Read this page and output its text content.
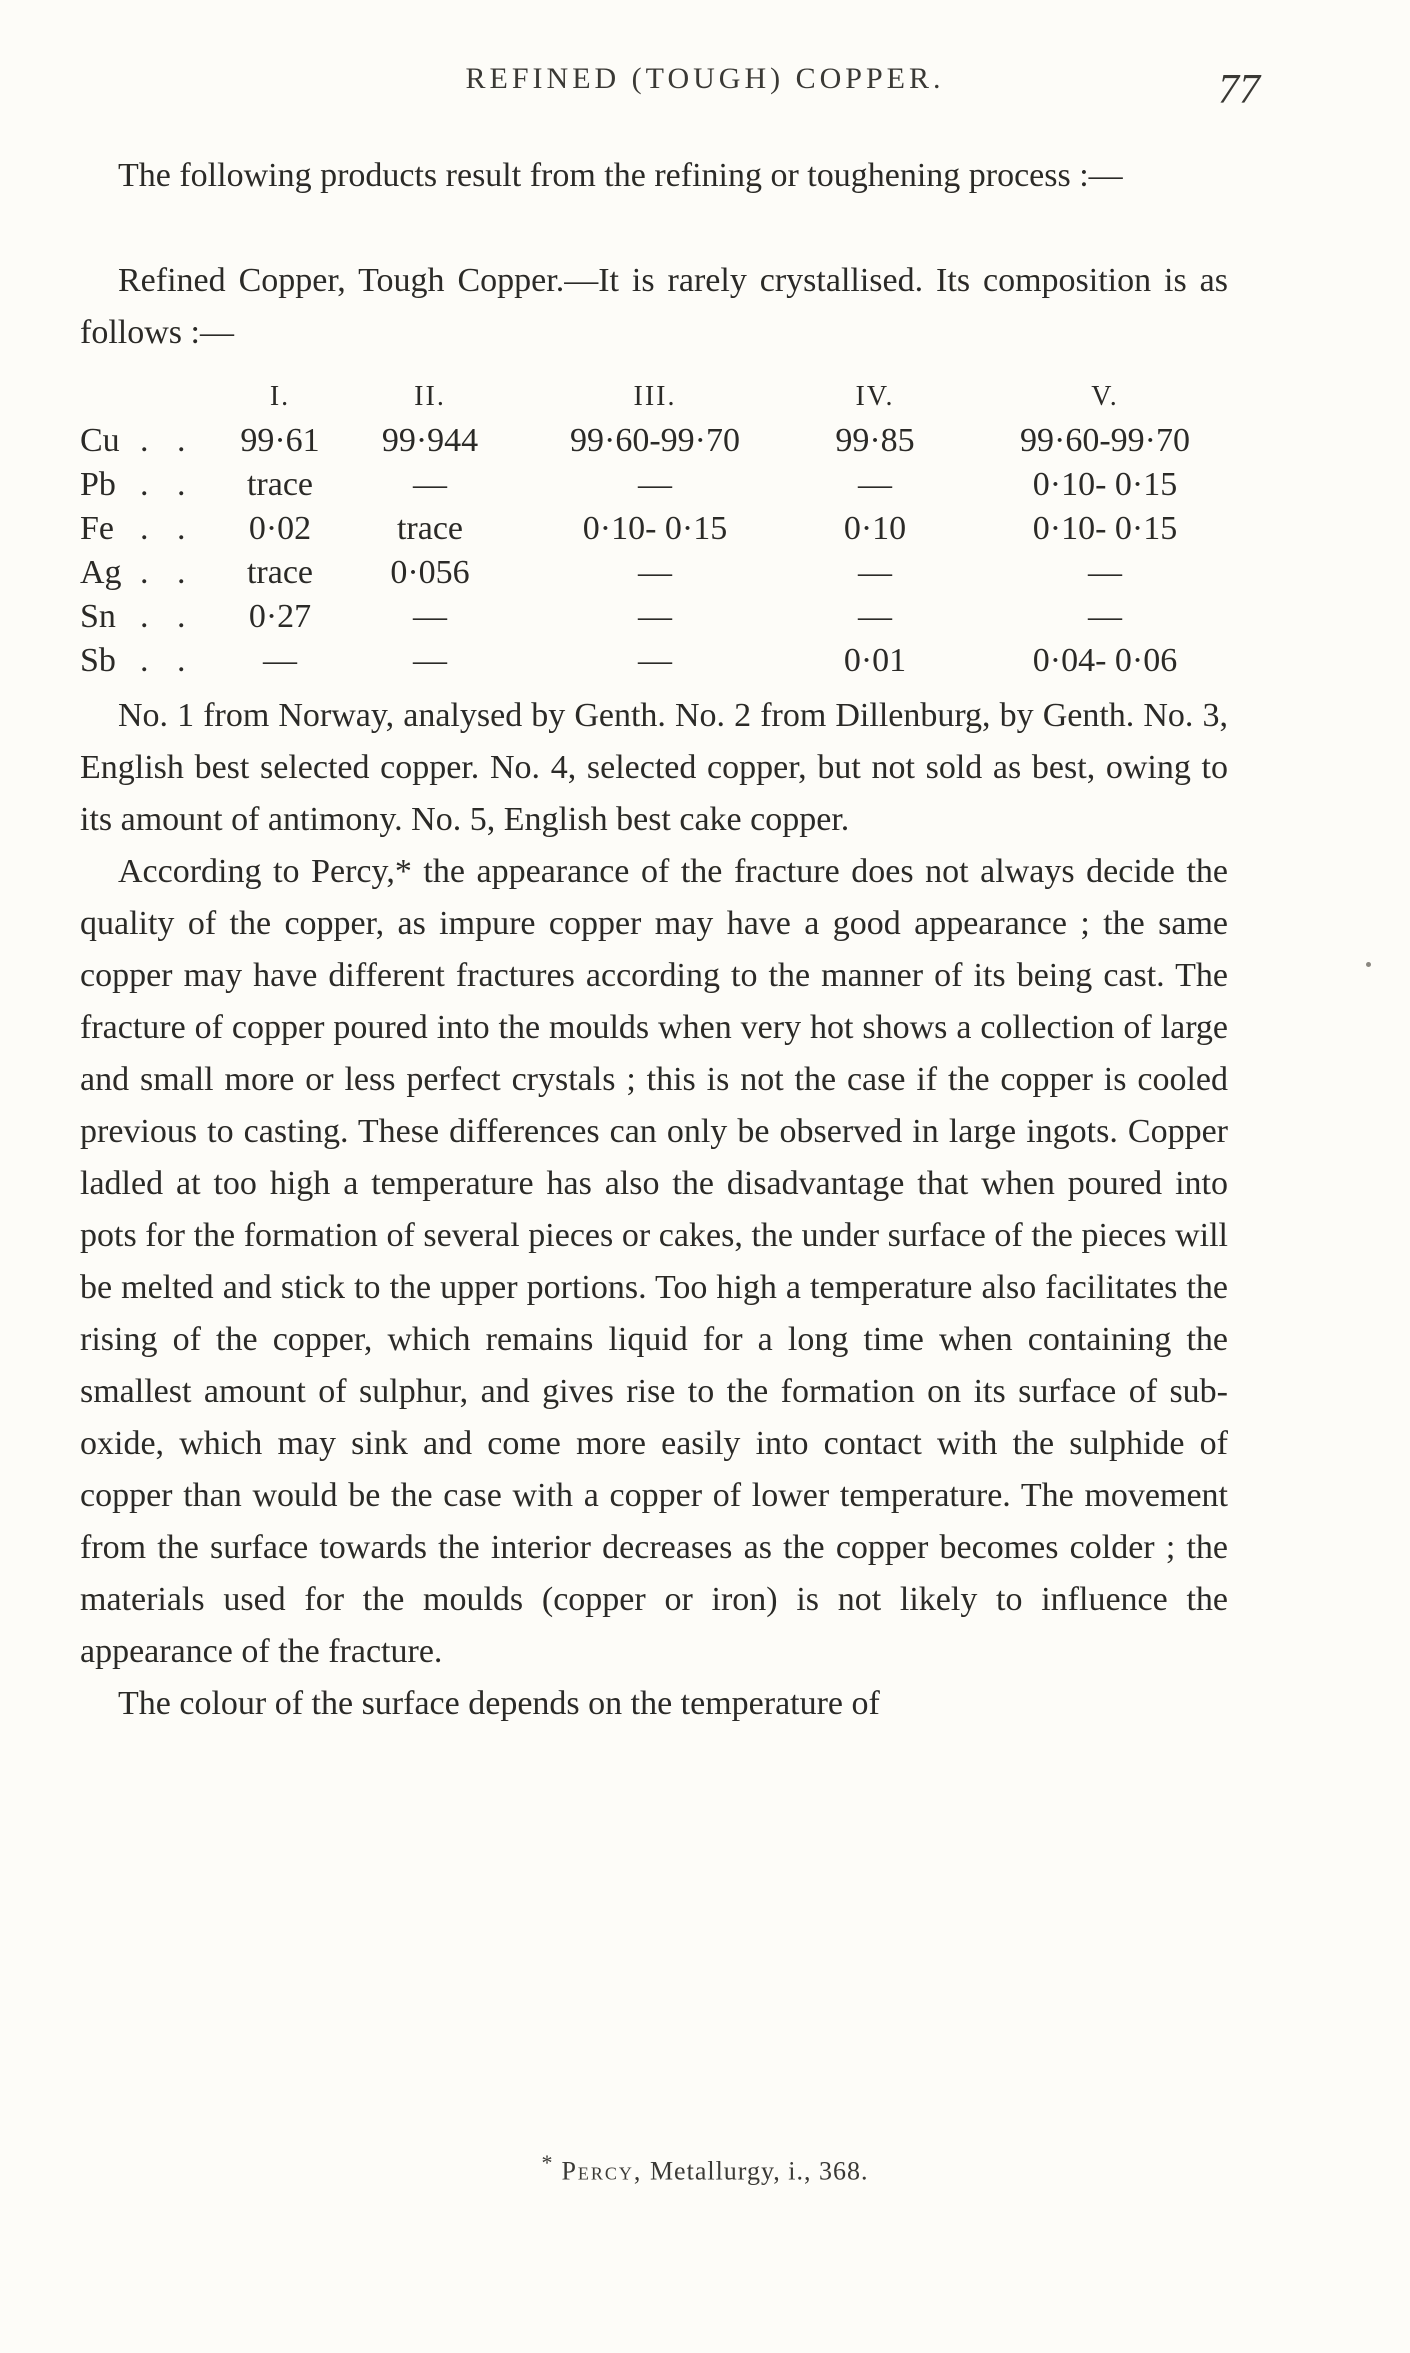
REFINED (TOUGH) COPPER.	77

The following products result from the refining or toughening process :—

Refined Copper, Tough Copper.—It is rarely crystallised. Its composition is as follows :—

		I.	II.	III.	IV.	V.
Cu	. .	99·61	99·944	99·60-99·70	99·85	99·60-99·70
Pb	. .	trace	—	—	—	0·10- 0·15
Fe	. .	0·02	trace	0·10- 0·15	0·10	0·10- 0·15
Ag	. .	trace	0·056	—	—	—
Sn	. .	0·27	—	—	—	—
Sb	. .	—	—	—	0·01	0·04- 0·06

No. 1 from Norway, analysed by Genth. No. 2 from Dillenburg, by Genth. No. 3, English best selected copper. No. 4, selected copper, but not sold as best, owing to its amount of antimony. No. 5, English best cake copper.

According to Percy,* the appearance of the fracture does not always decide the quality of the copper, as impure copper may have a good appearance ; the same copper may have different fractures according to the manner of its being cast. The fracture of copper poured into the moulds when very hot shows a collection of large and small more or less perfect crystals ; this is not the case if the copper is cooled previous to casting. These differences can only be observed in large ingots. Copper ladled at too high a temperature has also the disadvantage that when poured into pots for the formation of several pieces or cakes, the under surface of the pieces will be melted and stick to the upper portions. Too high a temperature also facilitates the rising of the copper, which remains liquid for a long time when containing the smallest amount of sulphur, and gives rise to the formation on its surface of sub-oxide, which may sink and come more easily into contact with the sulphide of copper than would be the case with a copper of lower temperature. The movement from the surface towards the interior decreases as the copper becomes colder ; the materials used for the moulds (copper or iron) is not likely to influence the appearance of the fracture.

The colour of the surface depends on the temperature of

* Percy, Metallurgy, i., 368.
